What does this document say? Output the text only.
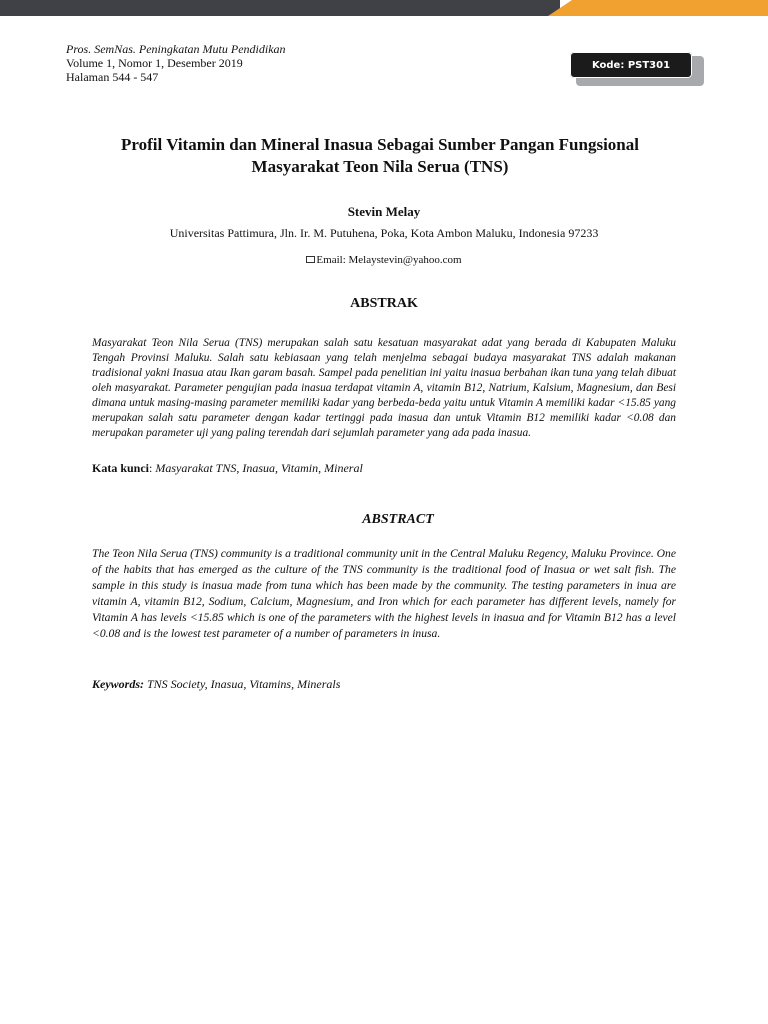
Pros. SemNas. Peningkatan Mutu Pendidikan
Volume 1, Nomor 1, Desember 2019
Halaman 544 - 547
Kode: PST301
Profil Vitamin dan Mineral Inasua Sebagai Sumber Pangan Fungsional
Masyarakat Teon Nila Serua (TNS)
Stevin Melay
Universitas Pattimura, Jln. Ir. M. Putuhena, Poka, Kota Ambon Maluku, Indonesia 97233
Email: Melaystevin@yahoo.com
ABSTRAK
Masyarakat Teon Nila Serua (TNS) merupakan salah satu kesatuan masyarakat adat yang berada di Kabupaten Maluku Tengah Provinsi Maluku. Salah satu kebiasaan yang telah menjelma sebagai budaya masyarakat TNS adalah makanan tradisional yakni Inasua atau Ikan garam basah. Sampel pada penelitian ini yaitu inasua berbahan ikan tuna yang telah dibuat oleh masyarakat. Parameter pengujian pada inasua terdapat vitamin A, vitamin B12, Natrium, Kalsium, Magnesium, dan Besi dimana untuk masing-masing parameter memiliki kadar yang berbeda-beda yaitu untuk Vitamin A memiliki kadar <15.85 yang merupakan salah satu parameter dengan kadar tertinggi pada inasua dan untuk Vitamin B12 memiliki kadar <0.08 dan merupakan parameter uji yang paling terendah dari sejumlah parameter yang ada pada inasua.
Kata kunci: Masyarakat TNS, Inasua, Vitamin, Mineral
ABSTRACT
The Teon Nila Serua (TNS) community is a traditional community unit in the Central Maluku Regency, Maluku Province. One of the habits that has emerged as the culture of the TNS community is the traditional food of Inasua or wet salt fish. The sample in this study is inasua made from tuna which has been made by the community. The testing parameters in inua are vitamin A, vitamin B12, Sodium, Calcium, Magnesium, and Iron which for each parameter has different levels, namely for Vitamin A has levels <15.85 which is one of the parameters with the highest levels in inasua and for Vitamin B12 has a level <0.08 and is the lowest test parameter of a number of parameters in inusa.
Keywords: TNS Society, Inasua, Vitamins, Minerals
